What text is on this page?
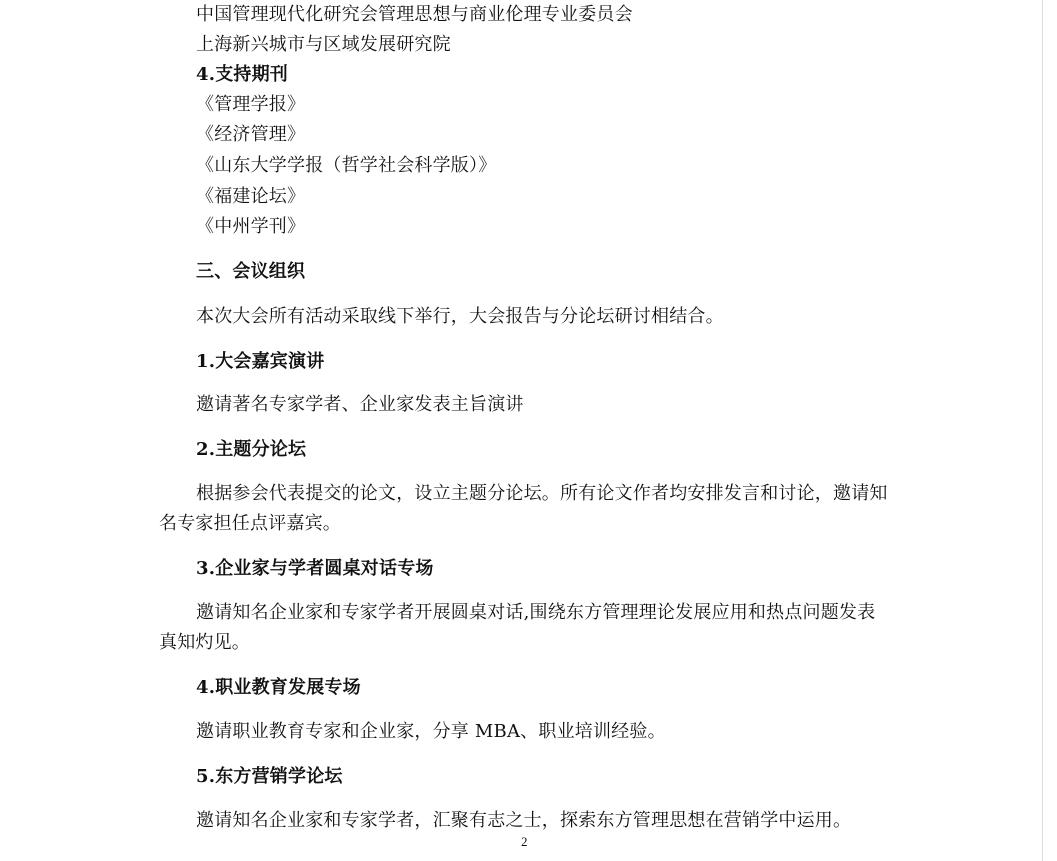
中国管理现代化研究会管理思想与商业伦理专业委员会
上海新兴城市与区域发展研究院
4.支持期刊
《管理学报》
《经济管理》
《山东大学学报（哲学社会科学版）》
《福建论坛》
《中州学刊》
三、会议组织
本次大会所有活动采取线下举行，大会报告与分论坛研讨相结合。
1.大会嘉宾演讲
邀请著名专家学者、企业家发表主旨演讲
2.主题分论坛
根据参会代表提交的论文，设立主题分论坛。所有论文作者均安排发言和讨论，邀请知
名专家担任点评嘉宾。
3.企业家与学者圆桌对话专场
邀请知名企业家和专家学者开展圆桌对话,围绕东方管理理论发展应用和热点问题发表
真知灼见。
4.职业教育发展专场
邀请职业教育专家和企业家，分享 MBA、职业培训经验。
5.东方营销学论坛
邀请知名企业家和专家学者，汇聚有志之士，探索东方管理思想在营销学中运用。
2
